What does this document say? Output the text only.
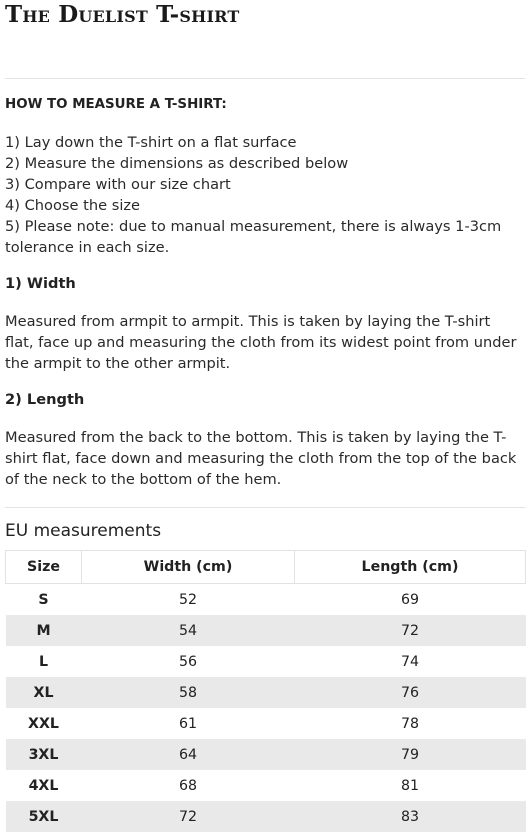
The Duelist T-shirt
HOW TO MEASURE A T-SHIRT:
1) Lay down the T-shirt on a flat surface
2) Measure the dimensions as described below
3) Compare with our size chart
4) Choose the size
5) Please note: due to manual measurement, there is always 1-3cm tolerance in each size.
1) Width
Measured from armpit to armpit. This is taken by laying the T-shirt flat, face up and measuring the cloth from its widest point from under the armpit to the other armpit.
2) Length
Measured from the back to the bottom. This is taken by laying the T-shirt flat, face down and measuring the cloth from the top of the back of the neck to the bottom of the hem.
EU measurements
Size	Width (cm)	Length (cm)
S	52	69
M	54	72
L	56	74
XL	58	76
XXL	61	78
3XL	64	79
4XL	68	81
5XL	72	83
